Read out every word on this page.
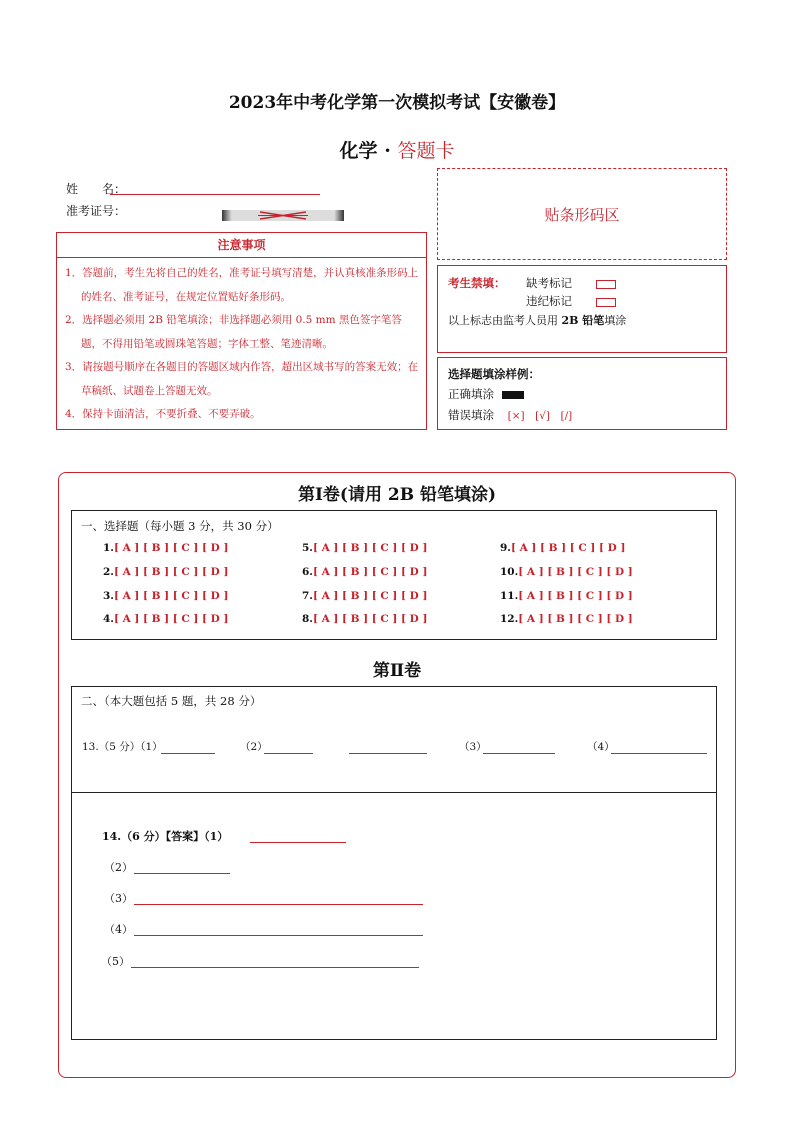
2023年中考化学第一次模拟考试【安徽卷】
化学 · 答题卡
姓　　名：
准考证号：	贴条形码区
注意事项
1．答题前，考生先将自己的姓名，准考证号填写清楚，并认真核准条形码上的姓名、准考证号，在规定位置贴好条形码。
2．选择题必须用 2B 铅笔填涂；非选择题必须用 0.5 mm 黑色签字笔答题，不得用铅笔或圆珠笔答题；字体工整、笔迹清晰。
3．请按题号顺序在各题目的答题区域内作答，超出区域书写的答案无效；在草稿纸、试题卷上答题无效。
4．保持卡面清洁，不要折叠、不要弄破。
考生禁填： 缺考标记
违纪标记
以上标志由监考人员用 2B 铅笔填涂
选择题填涂样例：
正确填涂
错误填涂 [×]　[√]　[/]
第Ⅰ卷(请用 2B 铅笔填涂)
一、选择题（每小题 3 分，共 30 分）
1.[ A ] [ B ] [ C ] [ D ]
2.[ A ] [ B ] [ C ] [ D ]
3.[ A ] [ B ] [ C ] [ D ]
4.[ A ] [ B ] [ C ] [ D ]
5.[ A ] [ B ] [ C ] [ D ]
6.[ A ] [ B ] [ C ] [ D ]
7.[ A ] [ B ] [ C ] [ D ]
8.[ A ] [ B ] [ C ] [ D ]
9.[ A ] [ B ] [ C ] [ D ]
10.[ A ] [ B ] [ C ] [ D ]
11.[ A ] [ B ] [ C ] [ D ]
12.[ A ] [ B ] [ C ] [ D ]
第Ⅱ卷
二、（本大题包括 5 题，共 28 分）
13.（5 分）（1）	（2）	（3）	（4）
14.（6 分）【答案】（1）
（2）
（3）
（4）
（5）
